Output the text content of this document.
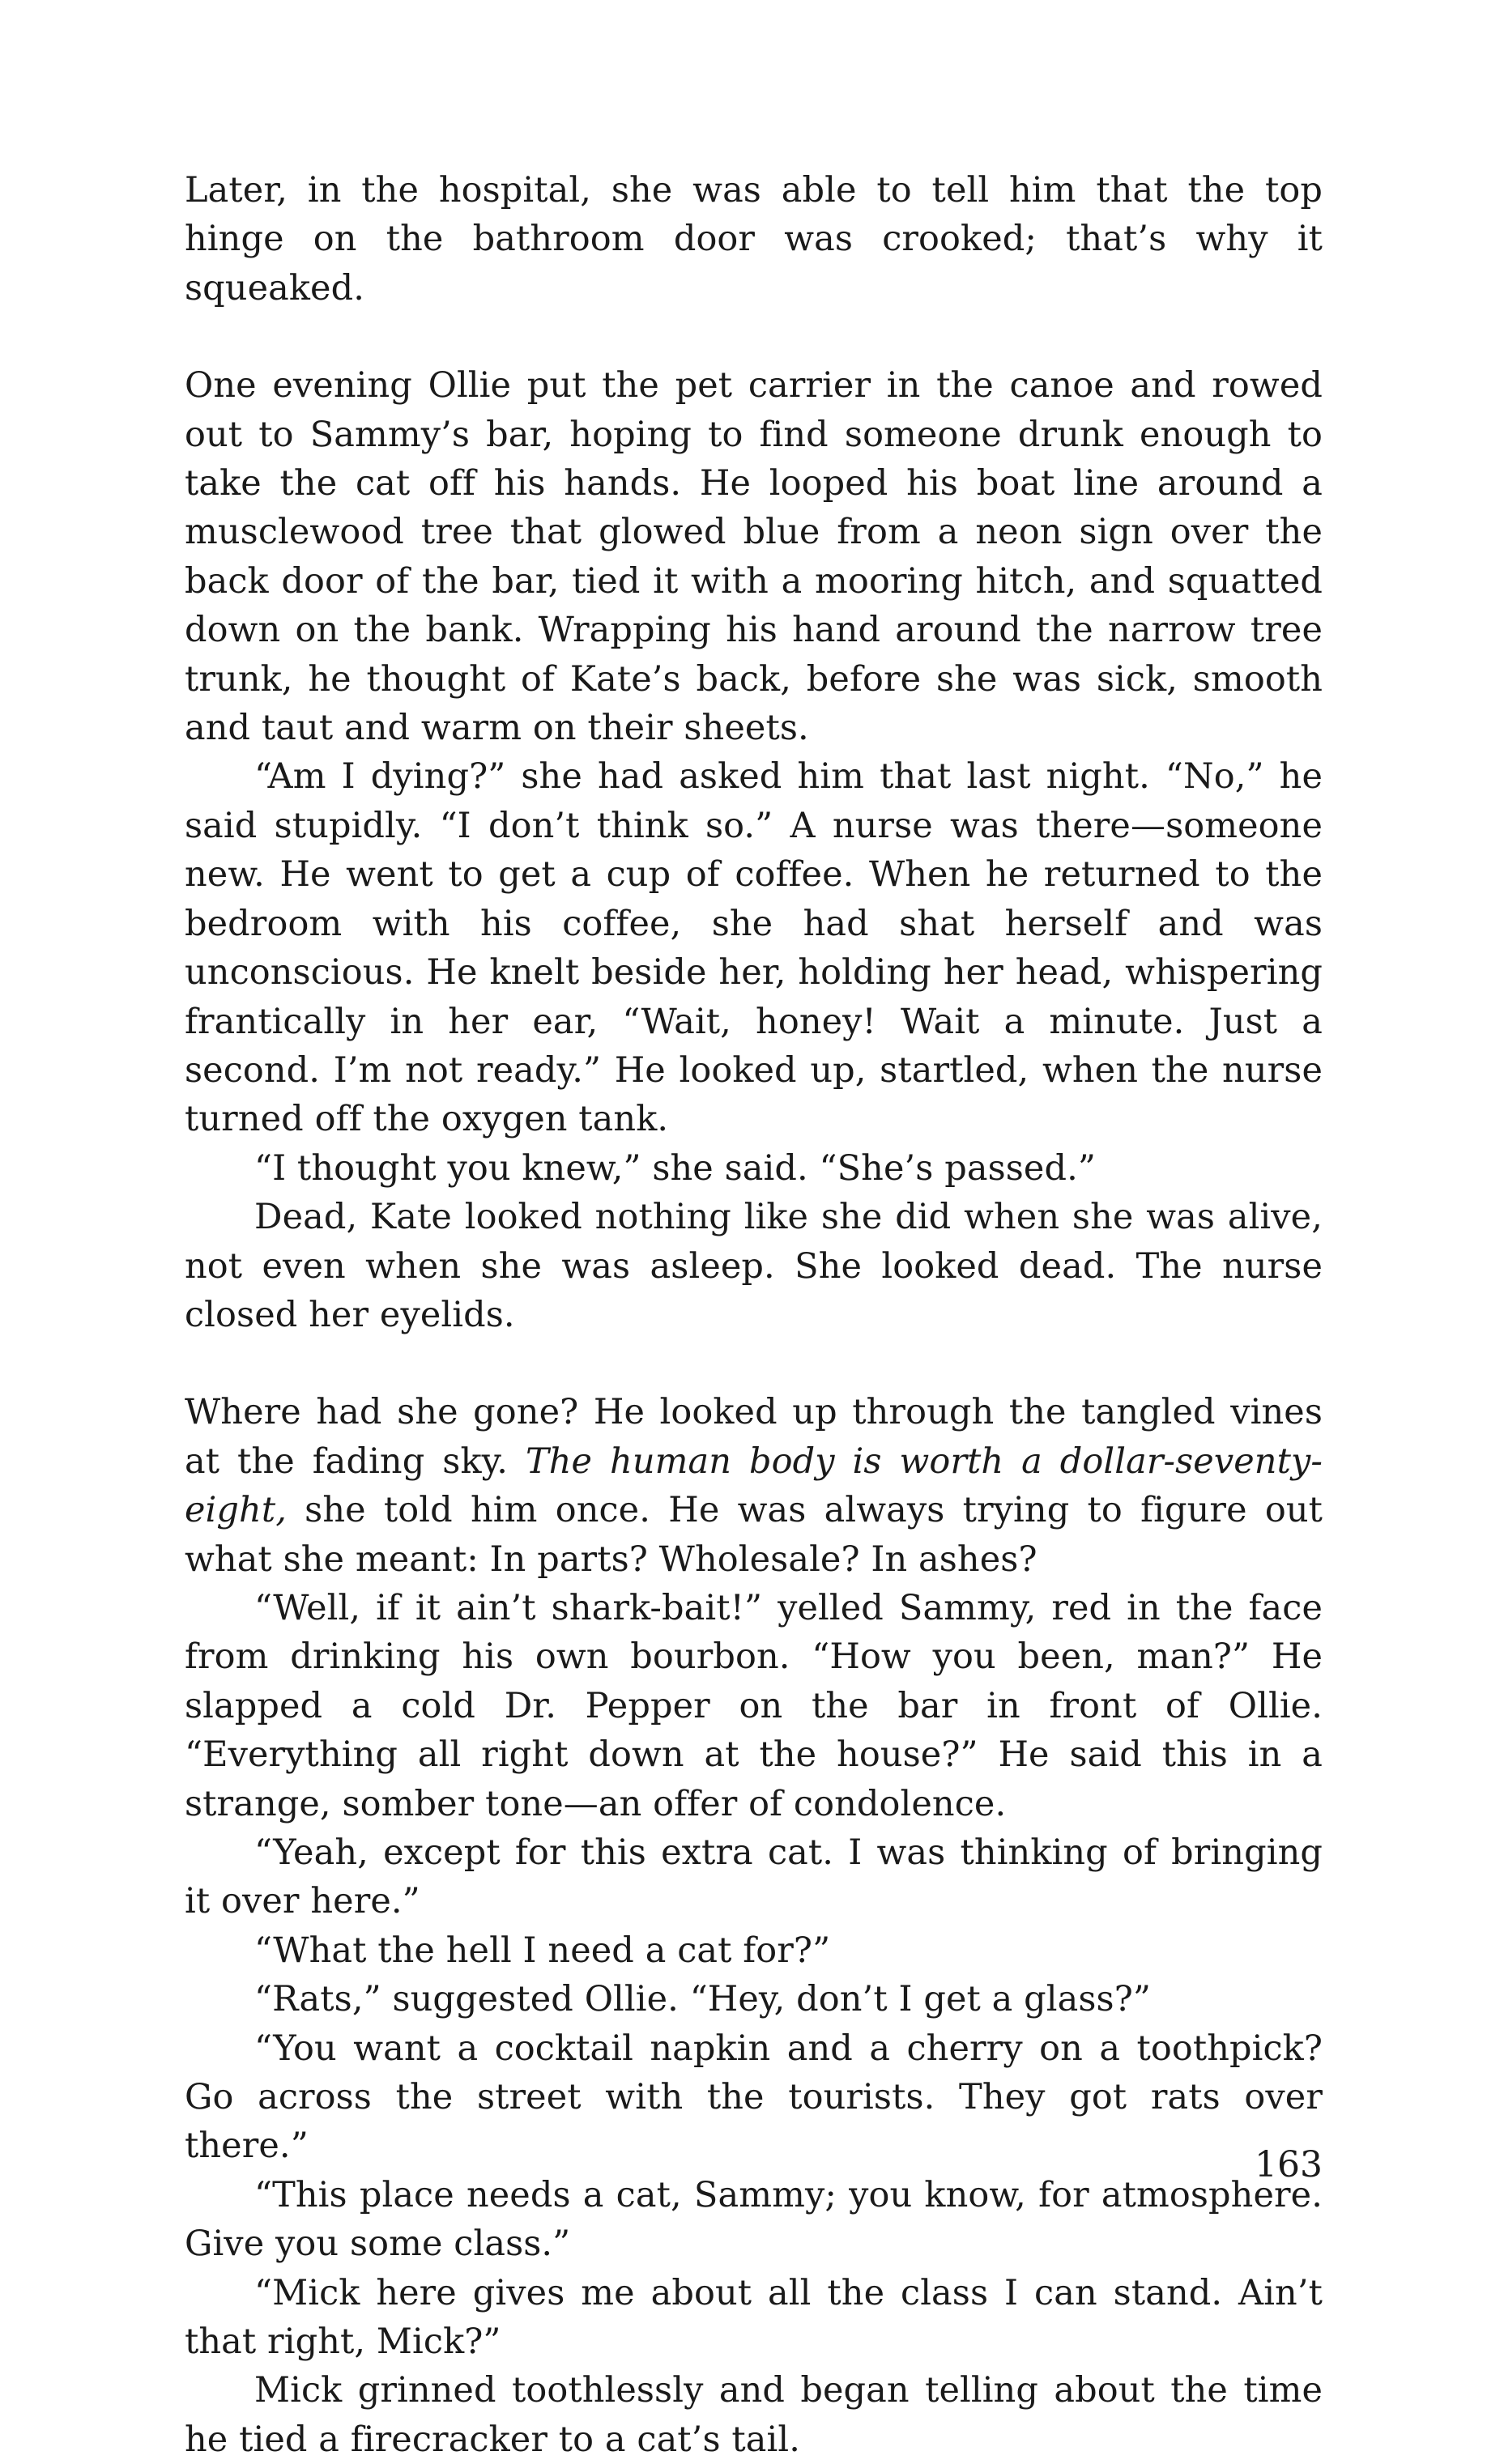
Later, in the hospital, she was able to tell him that the top hinge on the bathroom door was crooked; that’s why it squeaked.

One evening Ollie put the pet carrier in the canoe and rowed out to Sammy’s bar, hoping to find someone drunk enough to take the cat off his hands. He looped his boat line around a musclewood tree that glowed blue from a neon sign over the back door of the bar, tied it with a mooring hitch, and squatted down on the bank. Wrapping his hand around the narrow tree trunk, he thought of Kate’s back, before she was sick, smooth and taut and warm on their sheets.

“Am I dying?” she had asked him that last night. “No,” he said stupidly. “I don’t think so.” A nurse was there—someone new. He went to get a cup of coffee. When he returned to the bedroom with his coffee, she had shat herself and was unconscious. He knelt beside her, holding her head, whispering frantically in her ear, “Wait, honey! Wait a minute. Just a second. I’m not ready.” He looked up, startled, when the nurse turned off the oxygen tank.

“I thought you knew,” she said. “She’s passed.”

Dead, Kate looked nothing like she did when she was alive, not even when she was asleep. She looked dead. The nurse closed her eyelids.

Where had she gone? He looked up through the tangled vines at the fading sky. The human body is worth a dollar-seventy-eight, she told him once. He was always trying to figure out what she meant: In parts? Wholesale? In ashes?

“Well, if it ain’t shark-bait!” yelled Sammy, red in the face from drinking his own bourbon. “How you been, man?” He slapped a cold Dr. Pepper on the bar in front of Ollie. “Everything all right down at the house?” He said this in a strange, somber tone—an offer of condolence.

“Yeah, except for this extra cat. I was thinking of bringing it over here.”

“What the hell I need a cat for?”

“Rats,” suggested Ollie. “Hey, don’t I get a glass?”

“You want a cocktail napkin and a cherry on a toothpick? Go across the street with the tourists. They got rats over there.”

“This place needs a cat, Sammy; you know, for atmosphere. Give you some class.”

“Mick here gives me about all the class I can stand. Ain’t that right, Mick?”

Mick grinned toothlessly and began telling about the time he tied a firecracker to a cat’s tail.

163
